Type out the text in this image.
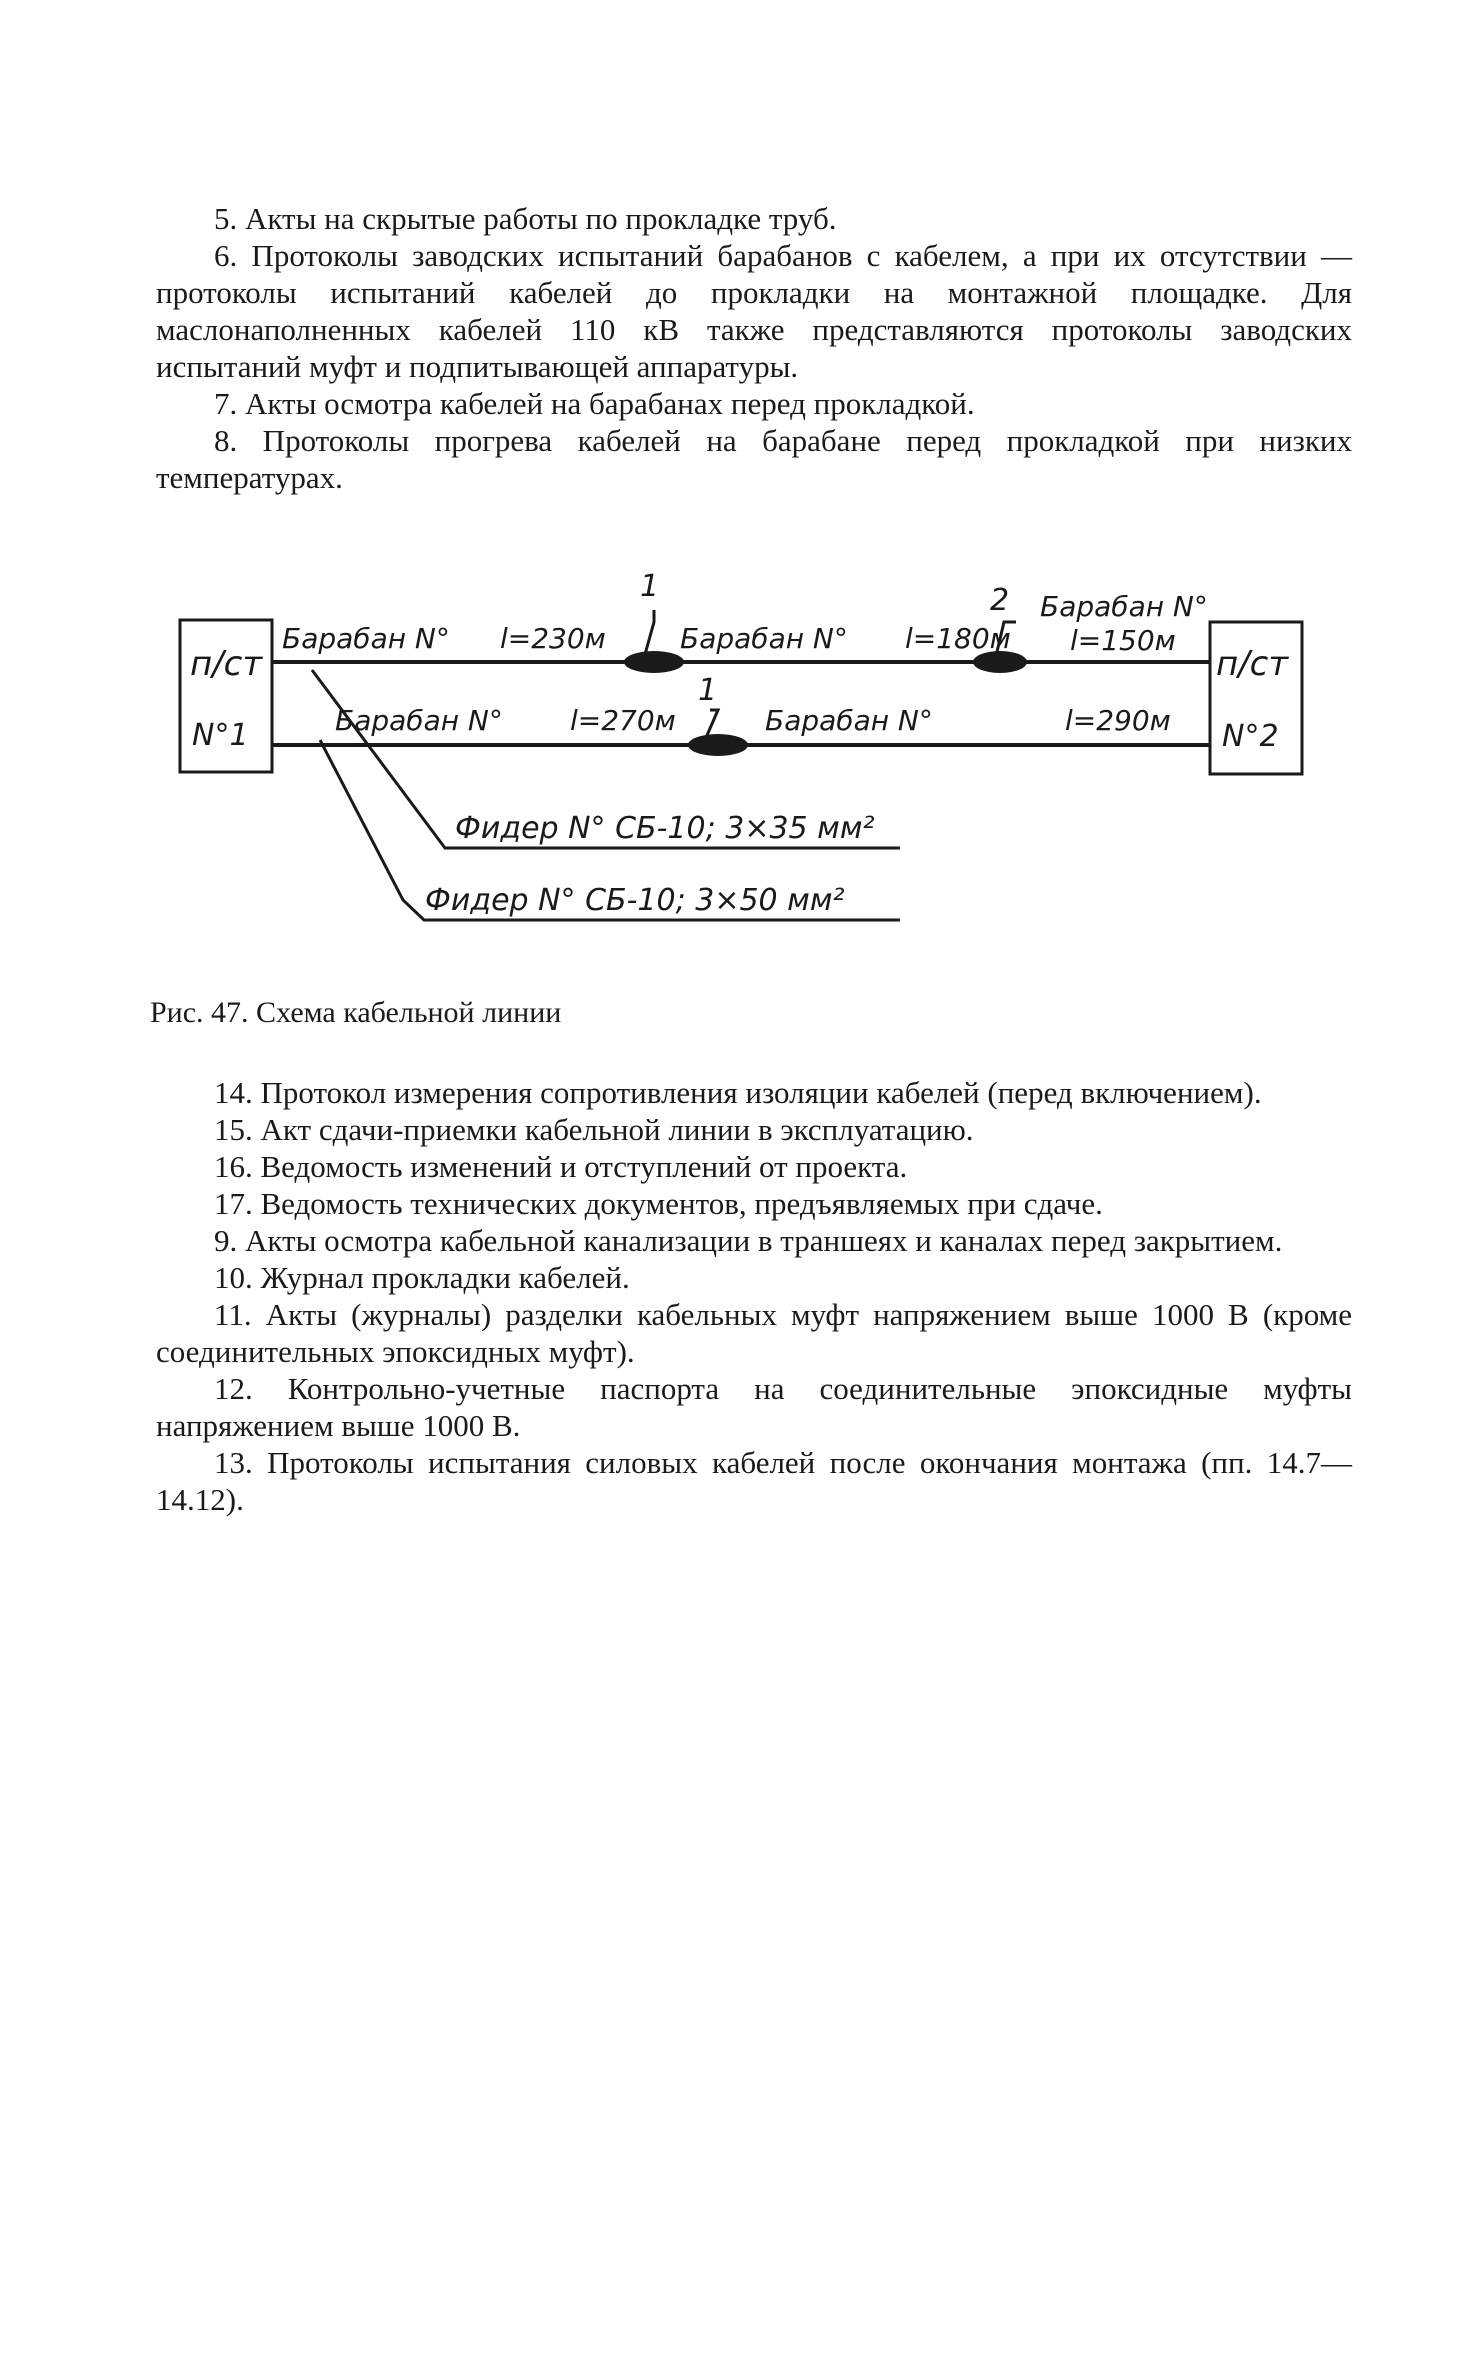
5. Акты на скрытые работы по прокладке труб.

6. Протоколы заводских испытаний барабанов с кабелем, а при их отсутствии — протоколы испытаний кабелей до прокладки на монтажной площадке. Для маслонаполненных кабелей 110 кВ также представляются протоколы заводских испытаний муфт и подпитывающей аппаратуры.

7. Акты осмотра кабелей на барабанах перед прокладкой.

8. Протоколы прогрева кабелей на барабане перед прокладкой при низких температурах.

п/ст
N°1
п/ст
N°2
1	2
1
Барабан N° l=230м	Барабан N° l=180м
Барабан N°
l=150м
Барабан N° l=270м	Барабан N°	l=290м
Фидер N° СБ-10; 3×35 мм²
Фидер N° СБ-10; 3×50 мм²
Рис. 47. Схема кабельной линии

14. Протокол измерения сопротивления изоляции кабелей (перед включением).

15. Акт сдачи-приемки кабельной линии в эксплуатацию.

16. Ведомость изменений и отступлений от проекта.

17. Ведомость технических документов, предъявляемых при сдаче.

9. Акты осмотра кабельной канализации в траншеях и каналах перед закрытием.

10. Журнал прокладки кабелей.

11. Акты (журналы) разделки кабельных муфт напряжением выше 1000 В (кроме соединительных эпоксидных муфт).

12. Контрольно-учетные паспорта на соединительные эпоксидные муфты напряжением выше 1000 В.

13. Протоколы испытания силовых кабелей после окончания монтажа (пп. 14.7—14.12).
